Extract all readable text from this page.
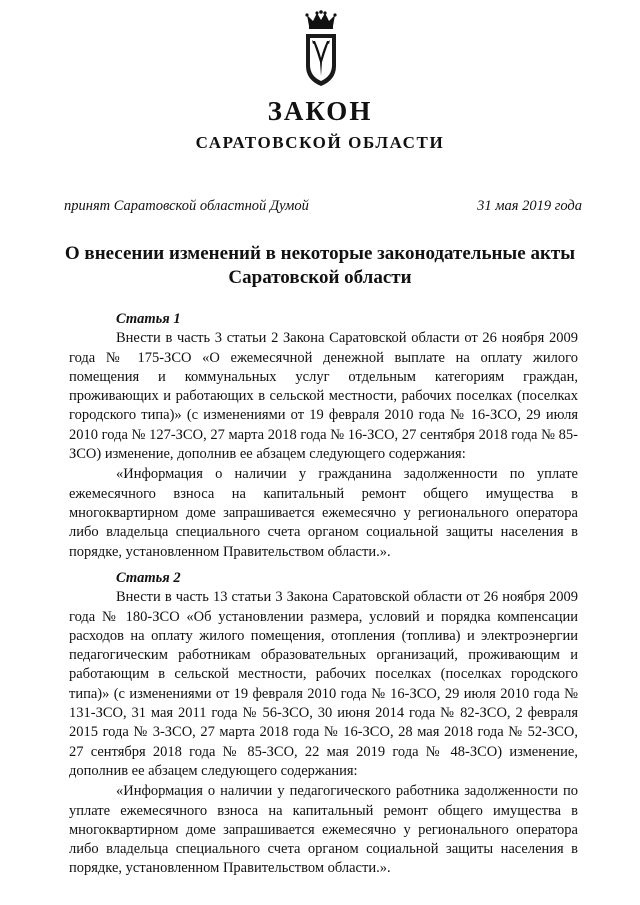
ЗАКОН
САРАТОВСКОЙ ОБЛАСТИ
принят Саратовской областной Думой	31 мая 2019 года
О внесении изменений в некоторые законодательные акты Саратовской области

Статья 1

Внести в часть 3 статьи 2 Закона Саратовской области от 26 ноября 2009 года № 175-ЗСО «О ежемесячной денежной выплате на оплату жилого помещения и коммунальных услуг отдельным категориям граждан, проживающих и работающих в сельской местности, рабочих поселках (поселках городского типа)» (с изменениями от 19 февраля 2010 года № 16-ЗСО, 29 июля 2010 года № 127-ЗСО, 27 марта 2018 года № 16-ЗСО, 27 сентября 2018 года № 85-ЗСО) изменение, дополнив ее абзацем следующего содержания:

«Информация о наличии у гражданина задолженности по уплате ежемесячного взноса на капитальный ремонт общего имущества в многоквартирном доме запрашивается ежемесячно у регионального оператора либо владельца специального счета органом социальной защиты населения в порядке, установленном Правительством области.».

Статья 2

Внести в часть 13 статьи 3 Закона Саратовской области от 26 ноября 2009 года № 180-ЗСО «Об установлении размера, условий и порядка компенсации расходов на оплату жилого помещения, отопления (топлива) и электроэнергии педагогическим работникам образовательных организаций, проживающим и работающим в сельской местности, рабочих поселках (поселках городского типа)» (с изменениями от 19 февраля 2010 года № 16-ЗСО, 29 июля 2010 года № 131-ЗСО, 31 мая 2011 года № 56-ЗСО, 30 июня 2014 года № 82-ЗСО, 2 февраля 2015 года № 3-ЗСО, 27 марта 2018 года № 16-ЗСО, 28 мая 2018 года № 52-ЗСО, 27 сентября 2018 года № 85-ЗСО, 22 мая 2019 года № 48-ЗСО) изменение, дополнив ее абзацем следующего содержания:

«Информация о наличии у педагогического работника задолженности по уплате ежемесячного взноса на капитальный ремонт общего имущества в многоквартирном доме запрашивается ежемесячно у регионального оператора либо владельца специального счета органом социальной защиты населения в порядке, установленном Правительством области.».
